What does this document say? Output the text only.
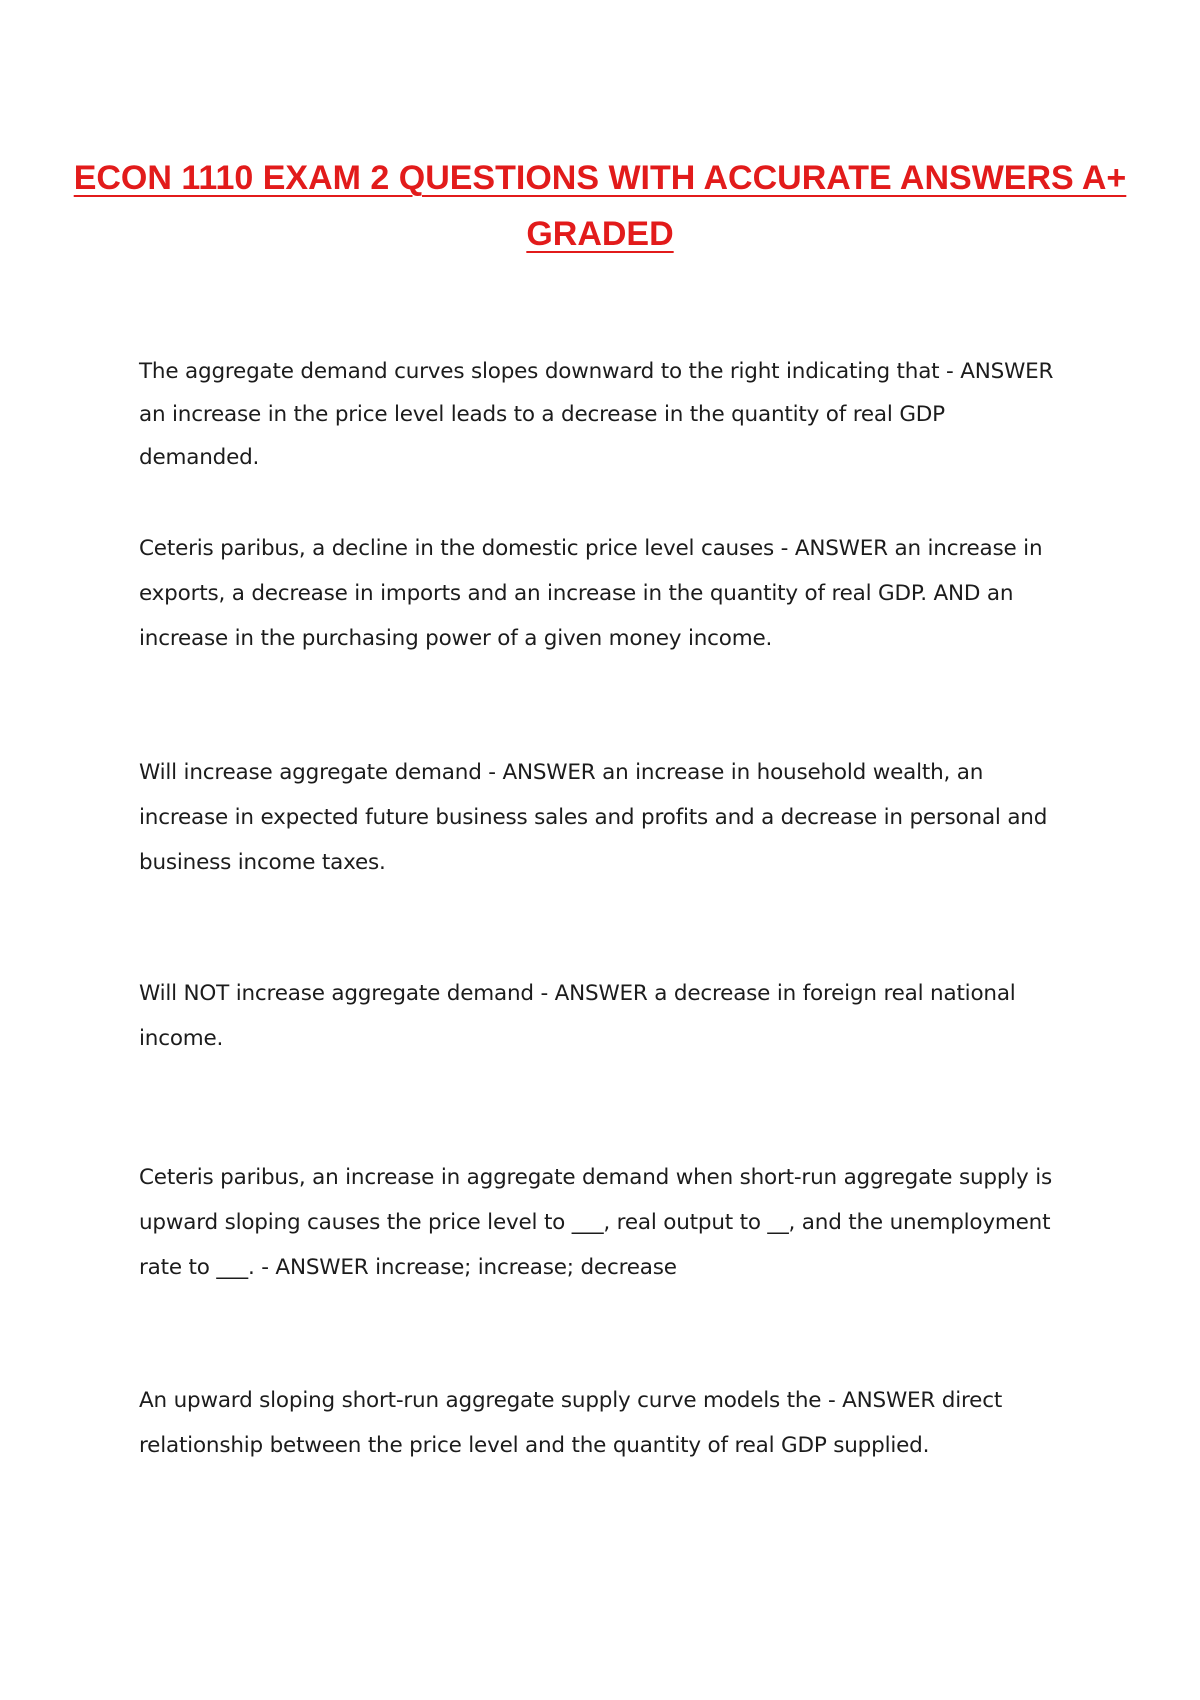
ECON 1110 EXAM 2 QUESTIONS WITH ACCURATE ANSWERS A+ GRADED

The aggregate demand curves slopes downward to the right indicating that - ANSWER an increase in the price level leads to a decrease in the quantity of real GDP demanded.

Ceteris paribus, a decline in the domestic price level causes - ANSWER an increase in exports, a decrease in imports and an increase in the quantity of real GDP. AND an increase in the purchasing power of a given money income.

Will increase aggregate demand - ANSWER an increase in household wealth, an increase in expected future business sales and profits and a decrease in personal and business income taxes.

Will NOT increase aggregate demand - ANSWER a decrease in foreign real national income.

Ceteris paribus, an increase in aggregate demand when short-run aggregate supply is upward sloping causes the price level to ___, real output to __, and the unemployment rate to ___. - ANSWER increase; increase; decrease

An upward sloping short-run aggregate supply curve models the - ANSWER direct relationship between the price level and the quantity of real GDP supplied.
